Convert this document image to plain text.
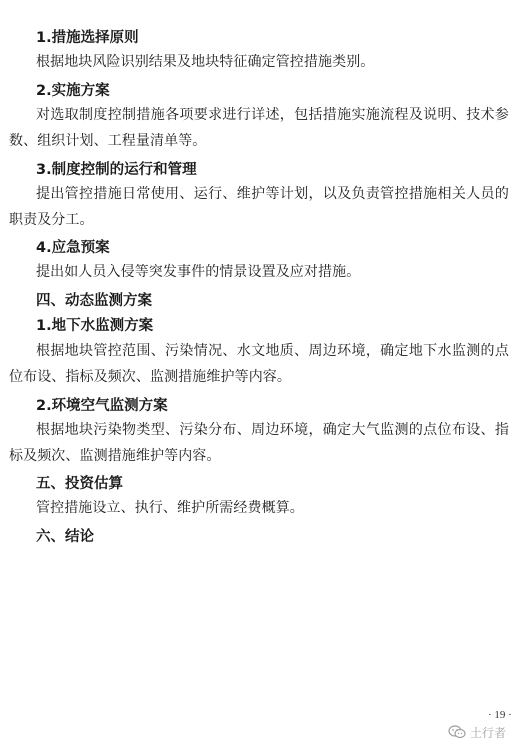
1.措施选择原则
根据地块风险识别结果及地块特征确定管控措施类别。
2.实施方案
对选取制度控制措施各项要求进行详述，包括措施实施流程及说明、技术参数、组织计划、工程量清单等。
3.制度控制的运行和管理
提出管控措施日常使用、运行、维护等计划，以及负责管控措施相关人员的职责及分工。
4.应急预案
提出如人员入侵等突发事件的情景设置及应对措施。
四、动态监测方案
1.地下水监测方案
根据地块管控范围、污染情况、水文地质、周边环境，确定地下水监测的点位布设、指标及频次、监测措施维护等内容。
2.环境空气监测方案
根据地块污染物类型、污染分布、周边环境，确定大气监测的点位布设、指标及频次、监测措施维护等内容。
五、投资估算
管控措施设立、执行、维护所需经费概算。
六、结论
· 19 ·
土行者
